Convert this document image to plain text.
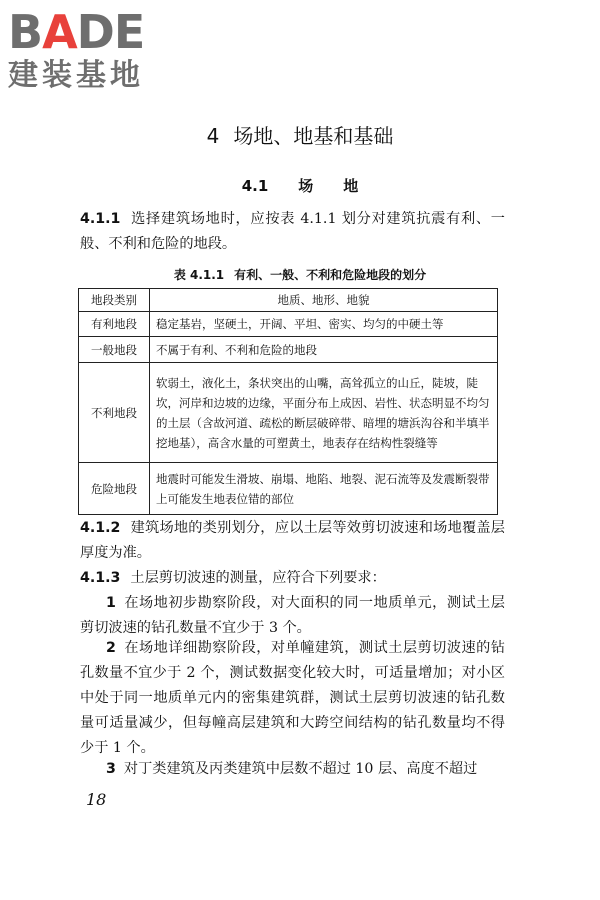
BADE
建装基地
4 场地、地基和基础
4.1 场 地
4.1.1 选择建筑场地时，应按表 4.1.1 划分对建筑抗震有利、一般、不利和危险的地段。
表 4.1.1 有利、一般、不利和危险地段的划分
地段类别	地质、地形、地貌
有利地段	稳定基岩，坚硬土，开阔、平坦、密实、均匀的中硬土等
一般地段	不属于有利、不利和危险的地段
不利地段	软弱土，液化土，条状突出的山嘴，高耸孤立的山丘，陡坡，陡坎，河岸和边坡的边缘，平面分布上成因、岩性、状态明显不均匀的土层（含故河道、疏松的断层破碎带、暗埋的塘浜沟谷和半填半挖地基），高含水量的可塑黄土，地表存在结构性裂缝等
危险地段	地震时可能发生滑坡、崩塌、地陷、地裂、泥石流等及发震断裂带上可能发生地表位错的部位
4.1.2 建筑场地的类别划分，应以土层等效剪切波速和场地覆盖层厚度为准。
4.1.3 土层剪切波速的测量，应符合下列要求：
1 在场地初步勘察阶段，对大面积的同一地质单元，测试土层剪切波速的钻孔数量不宜少于 3 个。
2 在场地详细勘察阶段，对单幢建筑，测试土层剪切波速的钻孔数量不宜少于 2 个，测试数据变化较大时，可适量增加；对小区中处于同一地质单元内的密集建筑群，测试土层剪切波速的钻孔数量可适量减少，但每幢高层建筑和大跨空间结构的钻孔数量均不得少于 1 个。
3 对丁类建筑及丙类建筑中层数不超过 10 层、高度不超过
18
